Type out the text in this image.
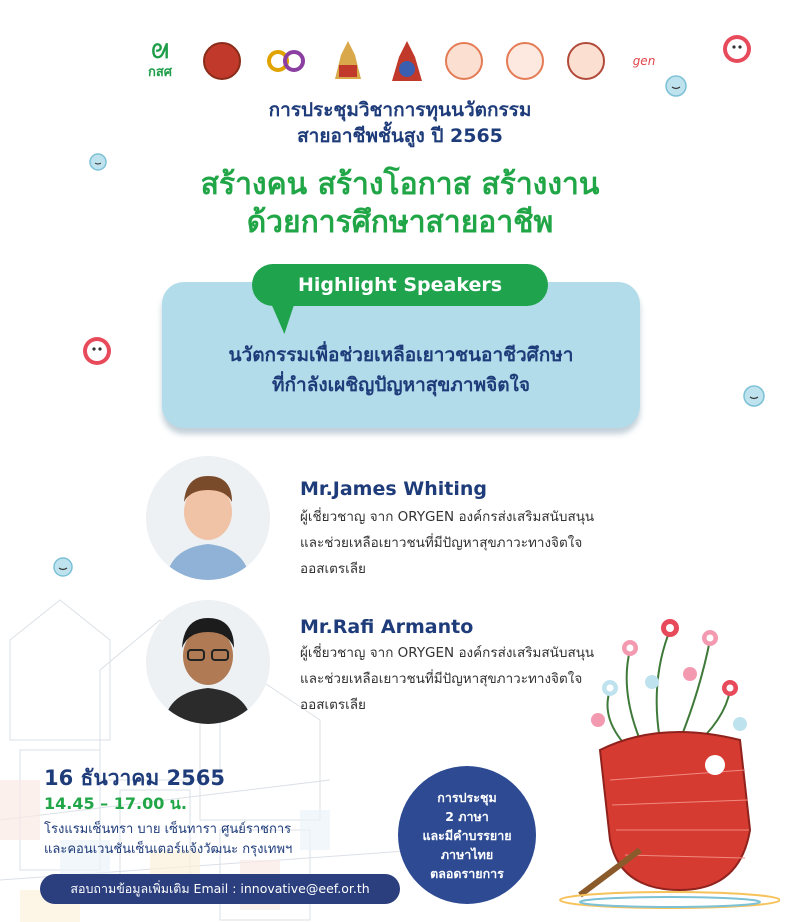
ᘛ
กสศ
gen
การประชุมวิชาการทุนนวัตกรรม
สายอาชีพชั้นสูง ปี 2565
สร้างคน สร้างโอกาส สร้างงาน
ด้วยการศึกษาสายอาชีพ
Highlight Speakers
นวัตกรรมเพื่อช่วยเหลือเยาวชนอาชีวศึกษา
ที่กำลังเผชิญปัญหาสุขภาพจิตใจ
Mr.James Whiting
ผู้เชี่ยวชาญ จาก ORYGEN องค์กรส่งเสริมสนับสนุน
และช่วยเหลือเยาวชนที่มีปัญหาสุขภาวะทางจิตใจ
ออสเตรเลีย
Mr.Rafi Armanto
ผู้เชี่ยวชาญ จาก ORYGEN องค์กรส่งเสริมสนับสนุน
และช่วยเหลือเยาวชนที่มีปัญหาสุขภาวะทางจิตใจ
ออสเตรเลีย
16 ธันวาคม 2565
14.45 – 17.00 น.
โรงแรมเซ็นทรา บาย เซ็นทารา ศูนย์ราชการ
และคอนเวนชันเซ็นเตอร์แจ้งวัฒนะ กรุงเทพฯ
สอบถามข้อมูลเพิ่มเติม Email : innovative@eef.or.th
การประชุม
2 ภาษา
และมีคำบรรยาย
ภาษาไทย
ตลอดรายการ
